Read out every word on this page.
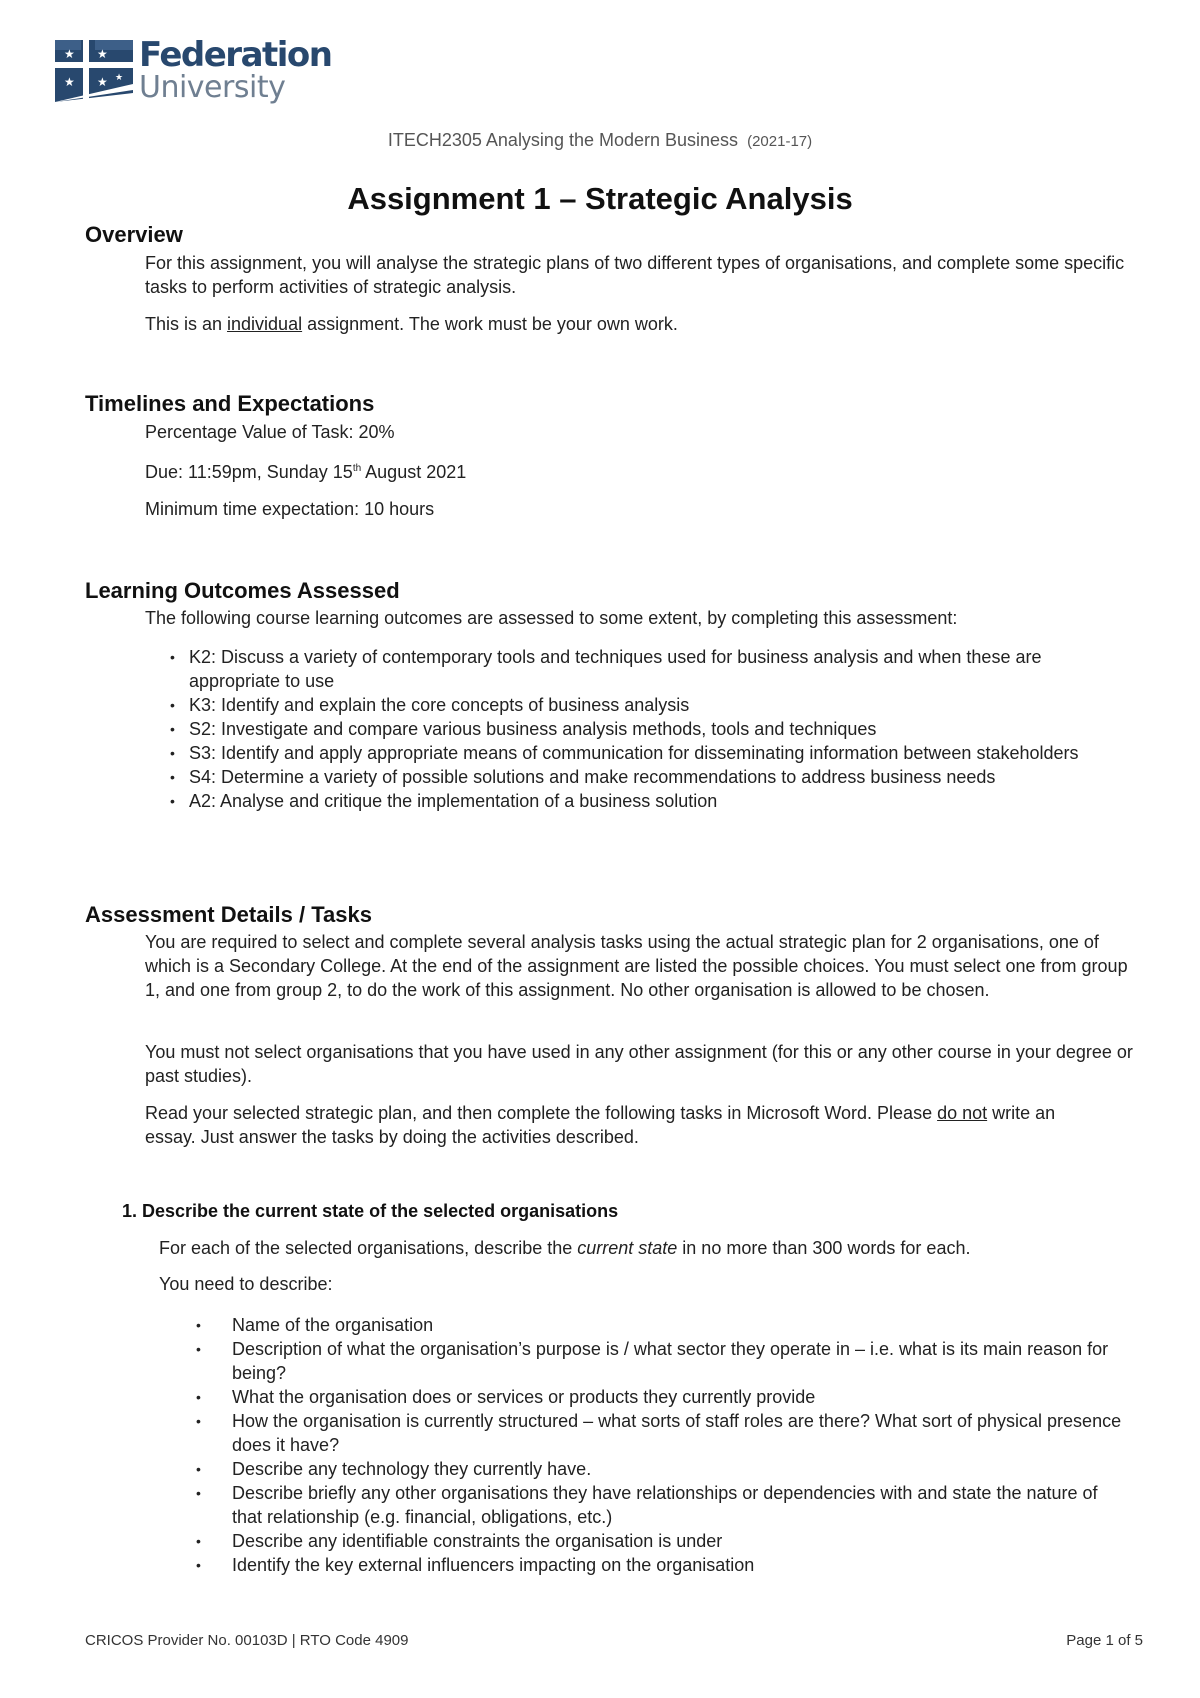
★ ★
★ ★ ★
Federation
University
ITECH2305 Analysing the Modern Business (2021-17)
Assignment 1 – Strategic Analysis
Overview

For this assignment, you will analyse the strategic plans of two different types of organisations, and complete some specific tasks to perform activities of strategic analysis.

This is an individual assignment. The work must be your own work.

Timelines and Expectations

Percentage Value of Task: 20%

Due: 11:59pm, Sunday 15th August 2021

Minimum time expectation: 10 hours

Learning Outcomes Assessed

The following course learning outcomes are assessed to some extent, by completing this assessment:

• K2: Discuss a variety of contemporary tools and techniques used for business analysis and when these are appropriate to use
• K3: Identify and explain the core concepts of business analysis
• S2: Investigate and compare various business analysis methods, tools and techniques
• S3: Identify and apply appropriate means of communication for disseminating information between stakeholders
• S4: Determine a variety of possible solutions and make recommendations to address business needs
• A2: Analyse and critique the implementation of a business solution
Assessment Details / Tasks

You are required to select and complete several analysis tasks using the actual strategic plan for 2 organisations, one of which is a Secondary College. At the end of the assignment are listed the possible choices. You must select one from group 1, and one from group 2, to do the work of this assignment. No other organisation is allowed to be chosen.

You must not select organisations that you have used in any other assignment (for this or any other course in your degree or past studies).

Read your selected strategic plan, and then complete the following tasks in Microsoft Word. Please do not write an essay. Just answer the tasks by doing the activities described.

1. Describe the current state of the selected organisations

For each of the selected organisations, describe the current state in no more than 300 words for each.

You need to describe:

• Name of the organisation
• Description of what the organisation’s purpose is / what sector they operate in – i.e. what is its main reason for being?
• What the organisation does or services or products they currently provide
• How the organisation is currently structured – what sorts of staff roles are there? What sort of physical presence does it have?
• Describe any technology they currently have.
• Describe briefly any other organisations they have relationships or dependencies with and state the nature of that relationship (e.g. financial, obligations, etc.)
• Describe any identifiable constraints the organisation is under
• Identify the key external influencers impacting on the organisation
CRICOS Provider No. 00103D | RTO Code 4909	Page 1 of 5
